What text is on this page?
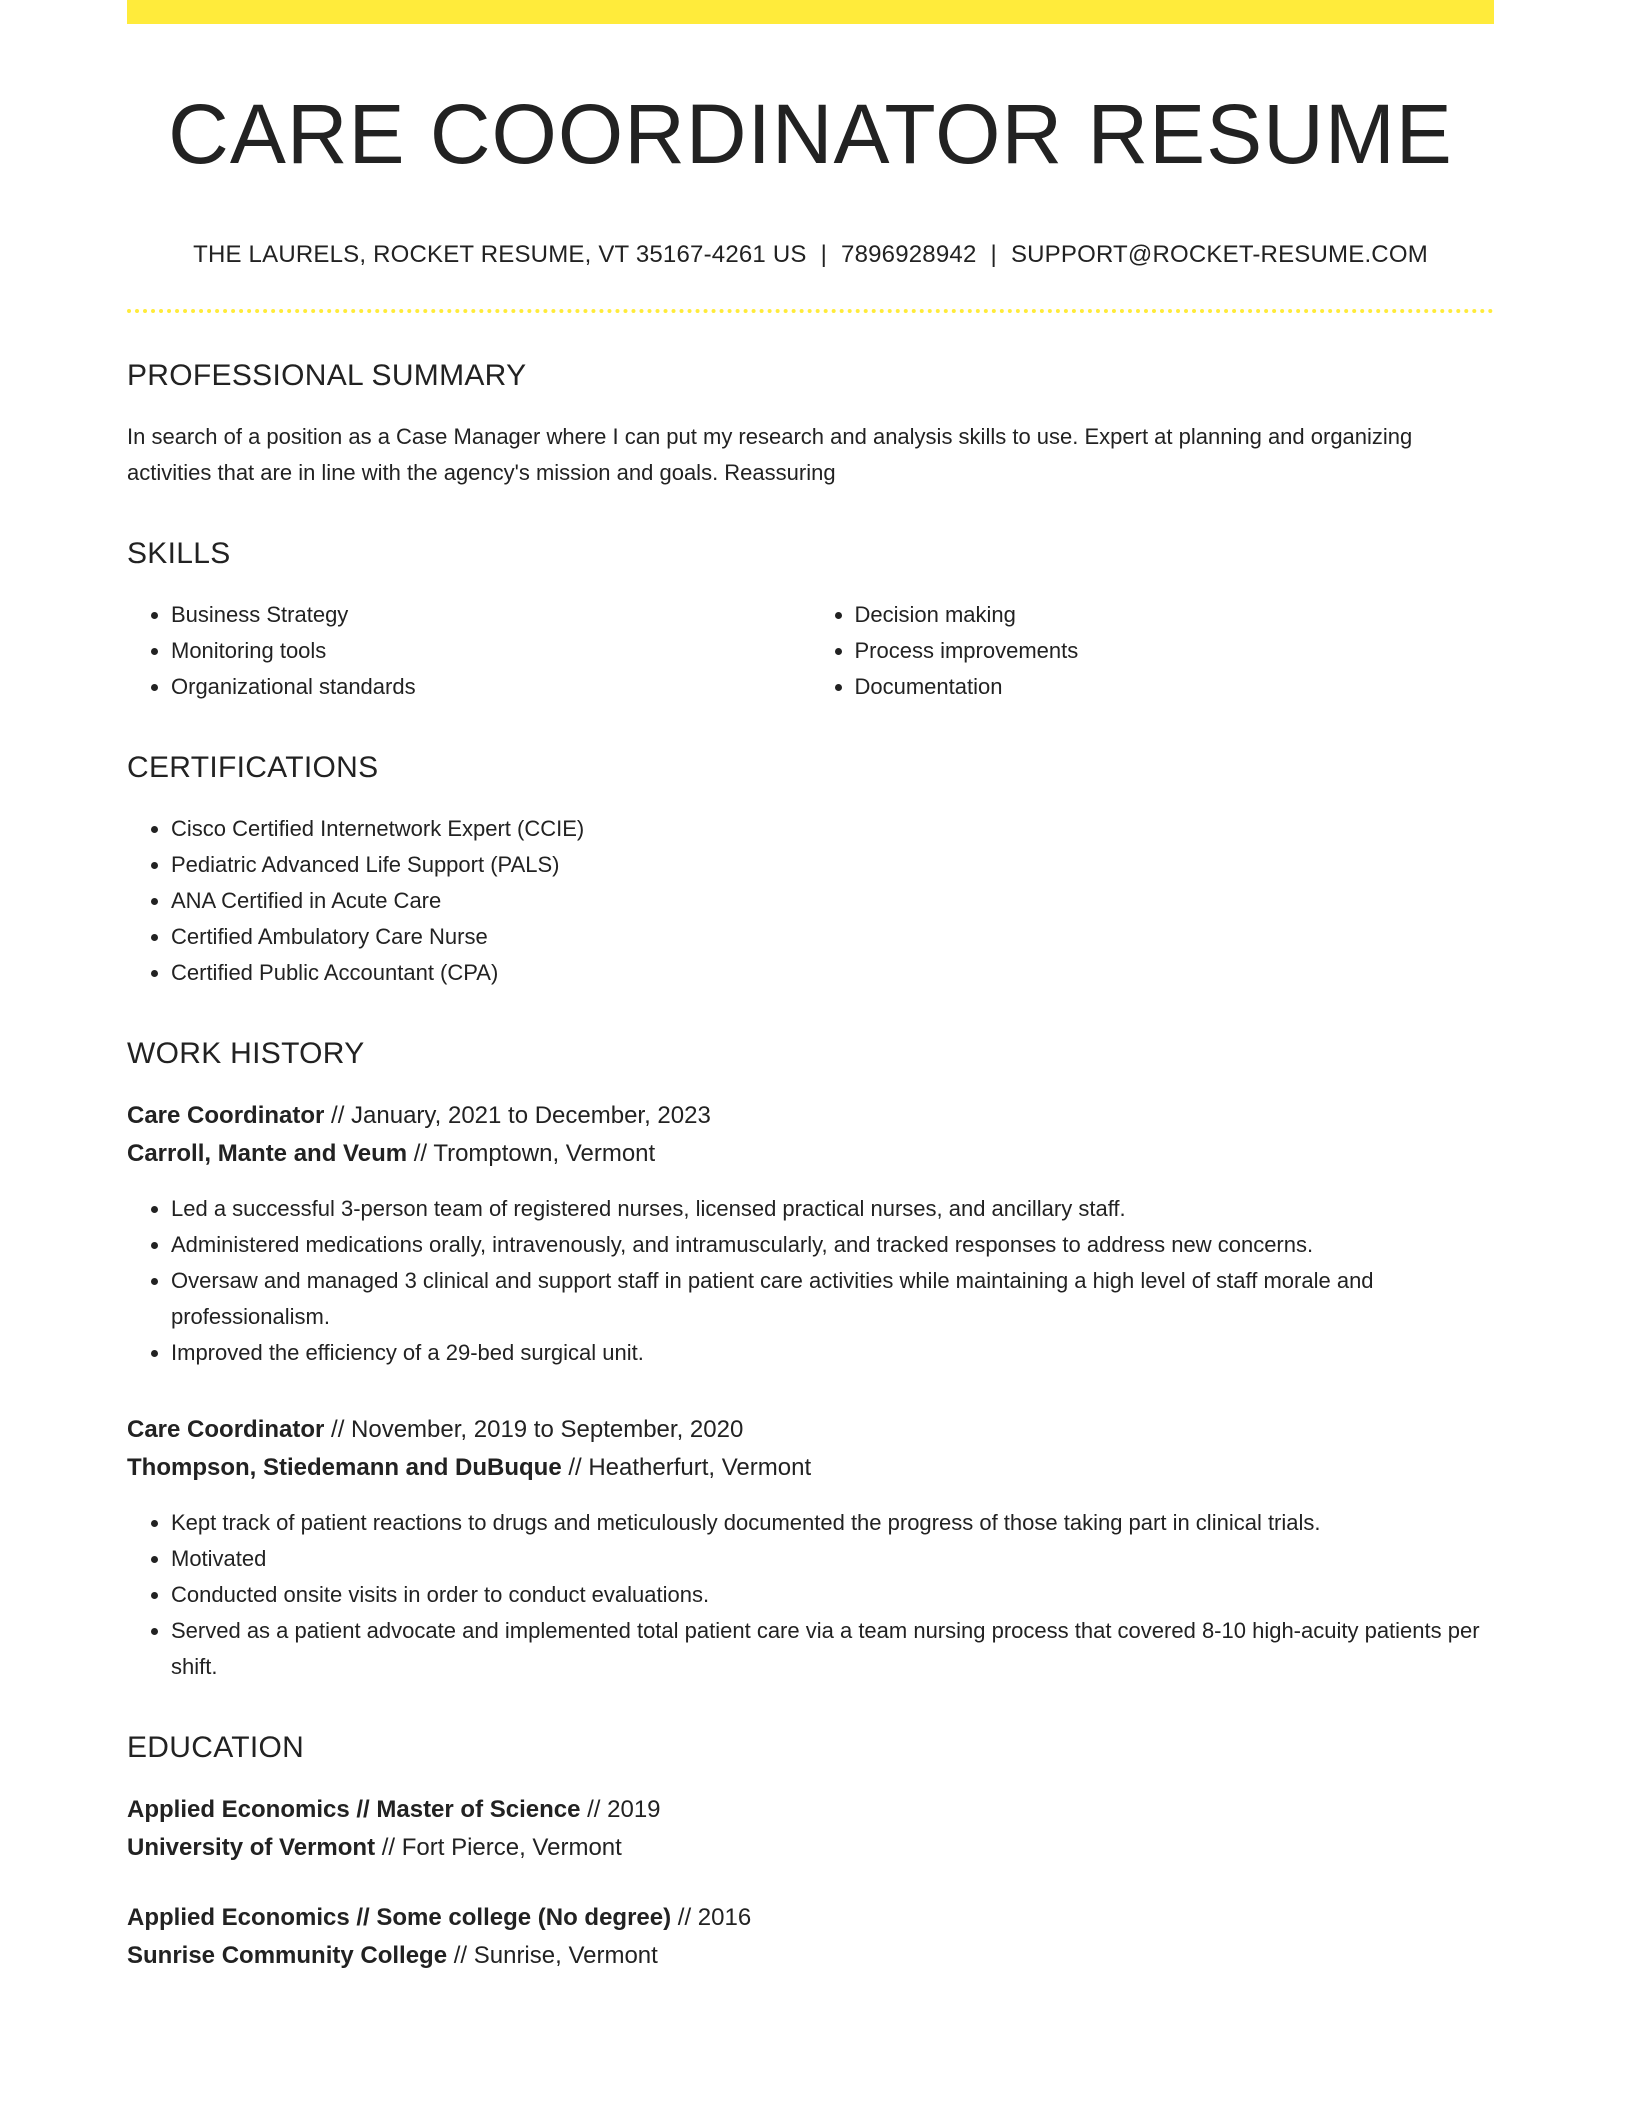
CARE COORDINATOR RESUME
THE LAURELS, ROCKET RESUME, VT 35167-4261 US | 7896928942 | SUPPORT@ROCKET-RESUME.COM
PROFESSIONAL SUMMARY

In search of a position as a Case Manager where I can put my research and analysis skills to use. Expert at planning and organizing activities that are in line with the agency's mission and goals. Reassuring

SKILLS
• Business Strategy
• Monitoring tools
• Organizational standards
• Decision making
• Process improvements
• Documentation
CERTIFICATIONS
• Cisco Certified Internetwork Expert (CCIE)
• Pediatric Advanced Life Support (PALS)
• ANA Certified in Acute Care
• Certified Ambulatory Care Nurse
• Certified Public Accountant (CPA)
WORK HISTORY
Care Coordinator // January, 2021 to December, 2023
Carroll, Mante and Veum // Tromptown, Vermont
• Led a successful 3-person team of registered nurses, licensed practical nurses, and ancillary staff.
• Administered medications orally, intravenously, and intramuscularly, and tracked responses to address new concerns.
• Oversaw and managed 3 clinical and support staff in patient care activities while maintaining a high level of staff morale and professionalism.
• Improved the efficiency of a 29-bed surgical unit.
Care Coordinator // November, 2019 to September, 2020
Thompson, Stiedemann and DuBuque // Heatherfurt, Vermont
• Kept track of patient reactions to drugs and meticulously documented the progress of those taking part in clinical trials.
• Motivated
• Conducted onsite visits in order to conduct evaluations.
• Served as a patient advocate and implemented total patient care via a team nursing process that covered 8-10 high-acuity patients per shift.
EDUCATION
Applied Economics // Master of Science // 2019
University of Vermont // Fort Pierce, Vermont
Applied Economics // Some college (No degree) // 2016
Sunrise Community College // Sunrise, Vermont
